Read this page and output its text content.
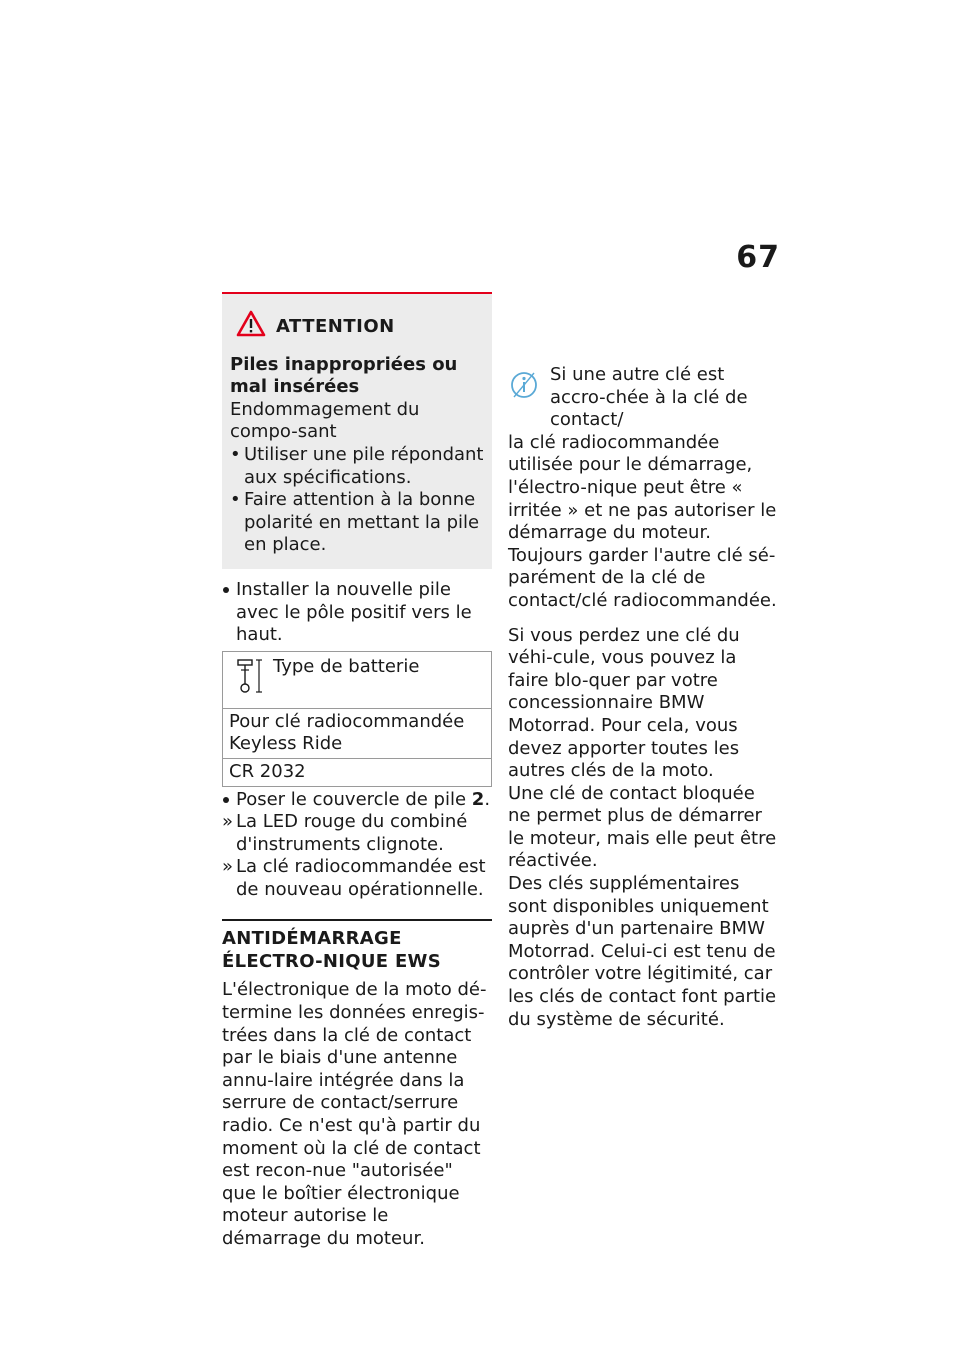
67
ATTENTION
Piles inappropriées ou mal insérées
Endommagement du compo-sant
• Utiliser une pile répondant aux spécifications.
• Faire attention à la bonne polarité en mettant la pile en place.
Installer la nouvelle pile avec le pôle positif vers le haut.
Type de batterie
Pour clé radiocommandée Keyless Ride
CR 2032
Poser le couvercle de pile 2.
» La LED rouge du combiné d'instruments clignote.
» La clé radiocommandée est de nouveau opérationnelle.
ANTIDÉMARRAGE ÉLECTRO-NIQUE EWS
L'électronique de la moto dé-termine les données enregis-trées dans la clé de contact par le biais d'une antenne annu-laire intégrée dans la serrure de contact/serrure radio. Ce n'est qu'à partir du moment où la clé de contact est recon-nue "autorisée" que le boîtier électronique moteur autorise le démarrage du moteur.
Si une autre clé est accro-chée à la clé de contact/
la clé radiocommandée utilisée pour le démarrage, l'électro-nique peut être « irritée » et ne pas autoriser le démarrage du moteur.
Toujours garder l'autre clé sé-parément de la clé de contact/clé radiocommandée.
Si vous perdez une clé du véhi-cule, vous pouvez la faire blo-quer par votre concessionnaire BMW Motorrad. Pour cela, vous devez apporter toutes les autres clés de la moto.
Une clé de contact bloquée ne permet plus de démarrer le moteur, mais elle peut être réactivée.
Des clés supplémentaires sont disponibles uniquement auprès d'un partenaire BMW Motorrad. Celui-ci est tenu de contrôler votre légitimité, car les clés de contact font partie du système de sécurité.
